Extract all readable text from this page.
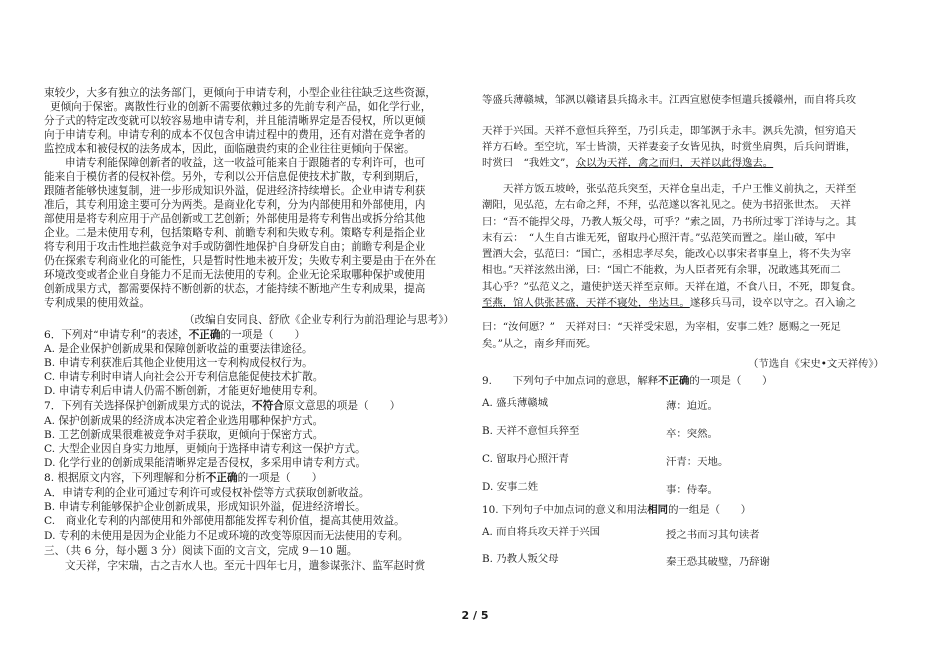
束较少，大多有独立的法务部门，更倾向于申请专利，小型企业往往缺乏这些资源，
更倾向于保密。离散性行业的创新不需要依赖过多的先前专利产品，如化学行业，
分子式的特定改变就可以较容易地申请专利，并且能清晰界定是否侵权，所以更倾
向于申请专利。申请专利的成本不仅包含申请过程中的费用，还有对潜在竞争者的
监控成本和被侵权的法务成本，因此，面临融贵约束的企业往往更倾向于保密。
申请专利能保障创新者的收益，这一收益可能来自于跟随者的专利许可，也可
能来自于模仿者的侵权补偿。另外，专利以公开信息促使技术扩散，专利到期后，
跟随者能够快速复制，进一步形成知识外溢，促进经济持续增长。企业申请专利获
准后，其专利用途主要可分为两类。是商业化专利，分为内部使用和外部使用，内
部使用是将专利应用于产品创新或工艺创新；外部使用是将专利售出或拆分给其他
企业。二是未使用专利，包括策略专利、前瞻专利和失败专利。策略专利是指企业
将专利用于攻击性地拦截竞争对手或防御性地保护自身研发自由；前瞻专利是企业
仍在探索专利商业化的可能性，只是暂时性地未被开发；失败专利主要是由于在外在
环境改变或者企业自身能力不足而无法使用的专利。企业无论采取哪种保护或使用
创新成果方式，都需要保持不断创新的状态，才能持续不断地产生专利成果，提高
专利成果的使用效益。
（改编自安同良、舒欣《企业专利行为前沿理论与思考》）
6．下列对“申请专利”的表述，不正确的一项是（　　）
A. 是企业保护创新成果和保障创新收益的重要法律途径。
B. 申请专利获准后其他企业使用这一专利构成侵权行为。
C. 申请专利时申请人向社会公开专利信息能促使技术扩散。
D. 申请专利后申请人仍需不断创新，才能更好地使用专利。
7．下列有关选择保护创新成果方式的说法，不符合原文意思的项是（　　）
A. 保护创新成果的经济成本决定着企业选用哪种保护方式。
B. 工艺创新成果很难被竞争对手获取，更倾向于保密方式。
C. 大型企业因自身实力地厚，更倾向于选择申请专利这一保护方式。
D. 化学行业的创新成果能清晰界定是否侵权，多采用申请专利方式。
8. 根据原文内容，下列理解和分析不正确的一项是（　　）
A．申请专利的企业可通过专利许可或侵权补偿等方式获取创新收益。
B. 申请专利能够保护企业创新成果，形成知识外溢，促进经济增长。
C.　商业化专利的内部使用和外部使用都能发挥专利价值，提高其使用效益。
D. 专利的未使用是因为企业能力不足或环境的改变等原因而无法使用的专利。
三、（共 6 分，每小题 3 分）阅读下面的文言文，完成 9－10 题。
文天祥，字宋瑞，古之吉水人也。至元十四年七月，遣参谋张汴、监军赵时赏
等盛兵薄赣城，邹洬以赣诸县兵捣永丰。江西宣慰使李恒遣兵援赣州，而自将兵攻
天祥于兴国。天祥不意恒兵猝至，乃引兵走，即邹洬于永丰。洬兵先溃，恒穷追天
祥方石岭。至空坑，军士皆溃，天祥妻妾子女皆见执，时赏坐肩舆，后兵问谓谁，
时赏曰　“我姓文”，众以为天祥，禽之而归，天祥以此得逸去。
天祥方饭五坡岭，张弘范兵突至，天祥仓皇出走，千户王惟义前执之，天祥至
潮阳，见弘范，左右命之拜，不拜，弘范遂以客礼见之。使为书招张世杰。　天祥
曰：“吾不能捍父母，乃教人叛父母，可乎？”索之固，乃书所过零丁洋诗与之。其
末有云：　“人生自古谁无死，留取丹心照汗青。”弘范笑而置之。崖山破，军中
置酒大会，弘范曰：“国亡，丞相忠孝尽矣，能改心以事宋者事皇上，将不失为宰
相也。”天祥泫然出涕，曰：“国亡不能救，为人臣者死有余罪，况敢逃其死而二
其心乎？”弘范义之，遣使护送天祥至京师。天祥在道，不食八日，不死，即复食。
至燕，馆人供张甚盛，天祥不寝处，坐达旦。遂移兵马司，设卒以守之。召入谕之
曰：“汝何愿？”　天祥对曰：“天祥受宋恩，为宰相，安事二姓？愿赐之一死足
矣。”从之，南乡拜而死。
（节选自《宋史•文天祥传》）
9.　　下列句子中加点词的意思，解释不正确的一项是（　　）
A. 盛兵薄赣城	薄：迫近。
B. 天祥不意恒兵猝至	卒：突然。
C. 留取丹心照汗青	汗青：天地。
D. 安事二姓	事：侍奉。
10. 下列句子中加点词的意义和用法相同的一组是（　　）
A. 而自将兵攻天祥于兴国	授之书而习其句读者
B. 乃教人叛父母	秦王恐其破璧，乃辞谢
2 / 5
